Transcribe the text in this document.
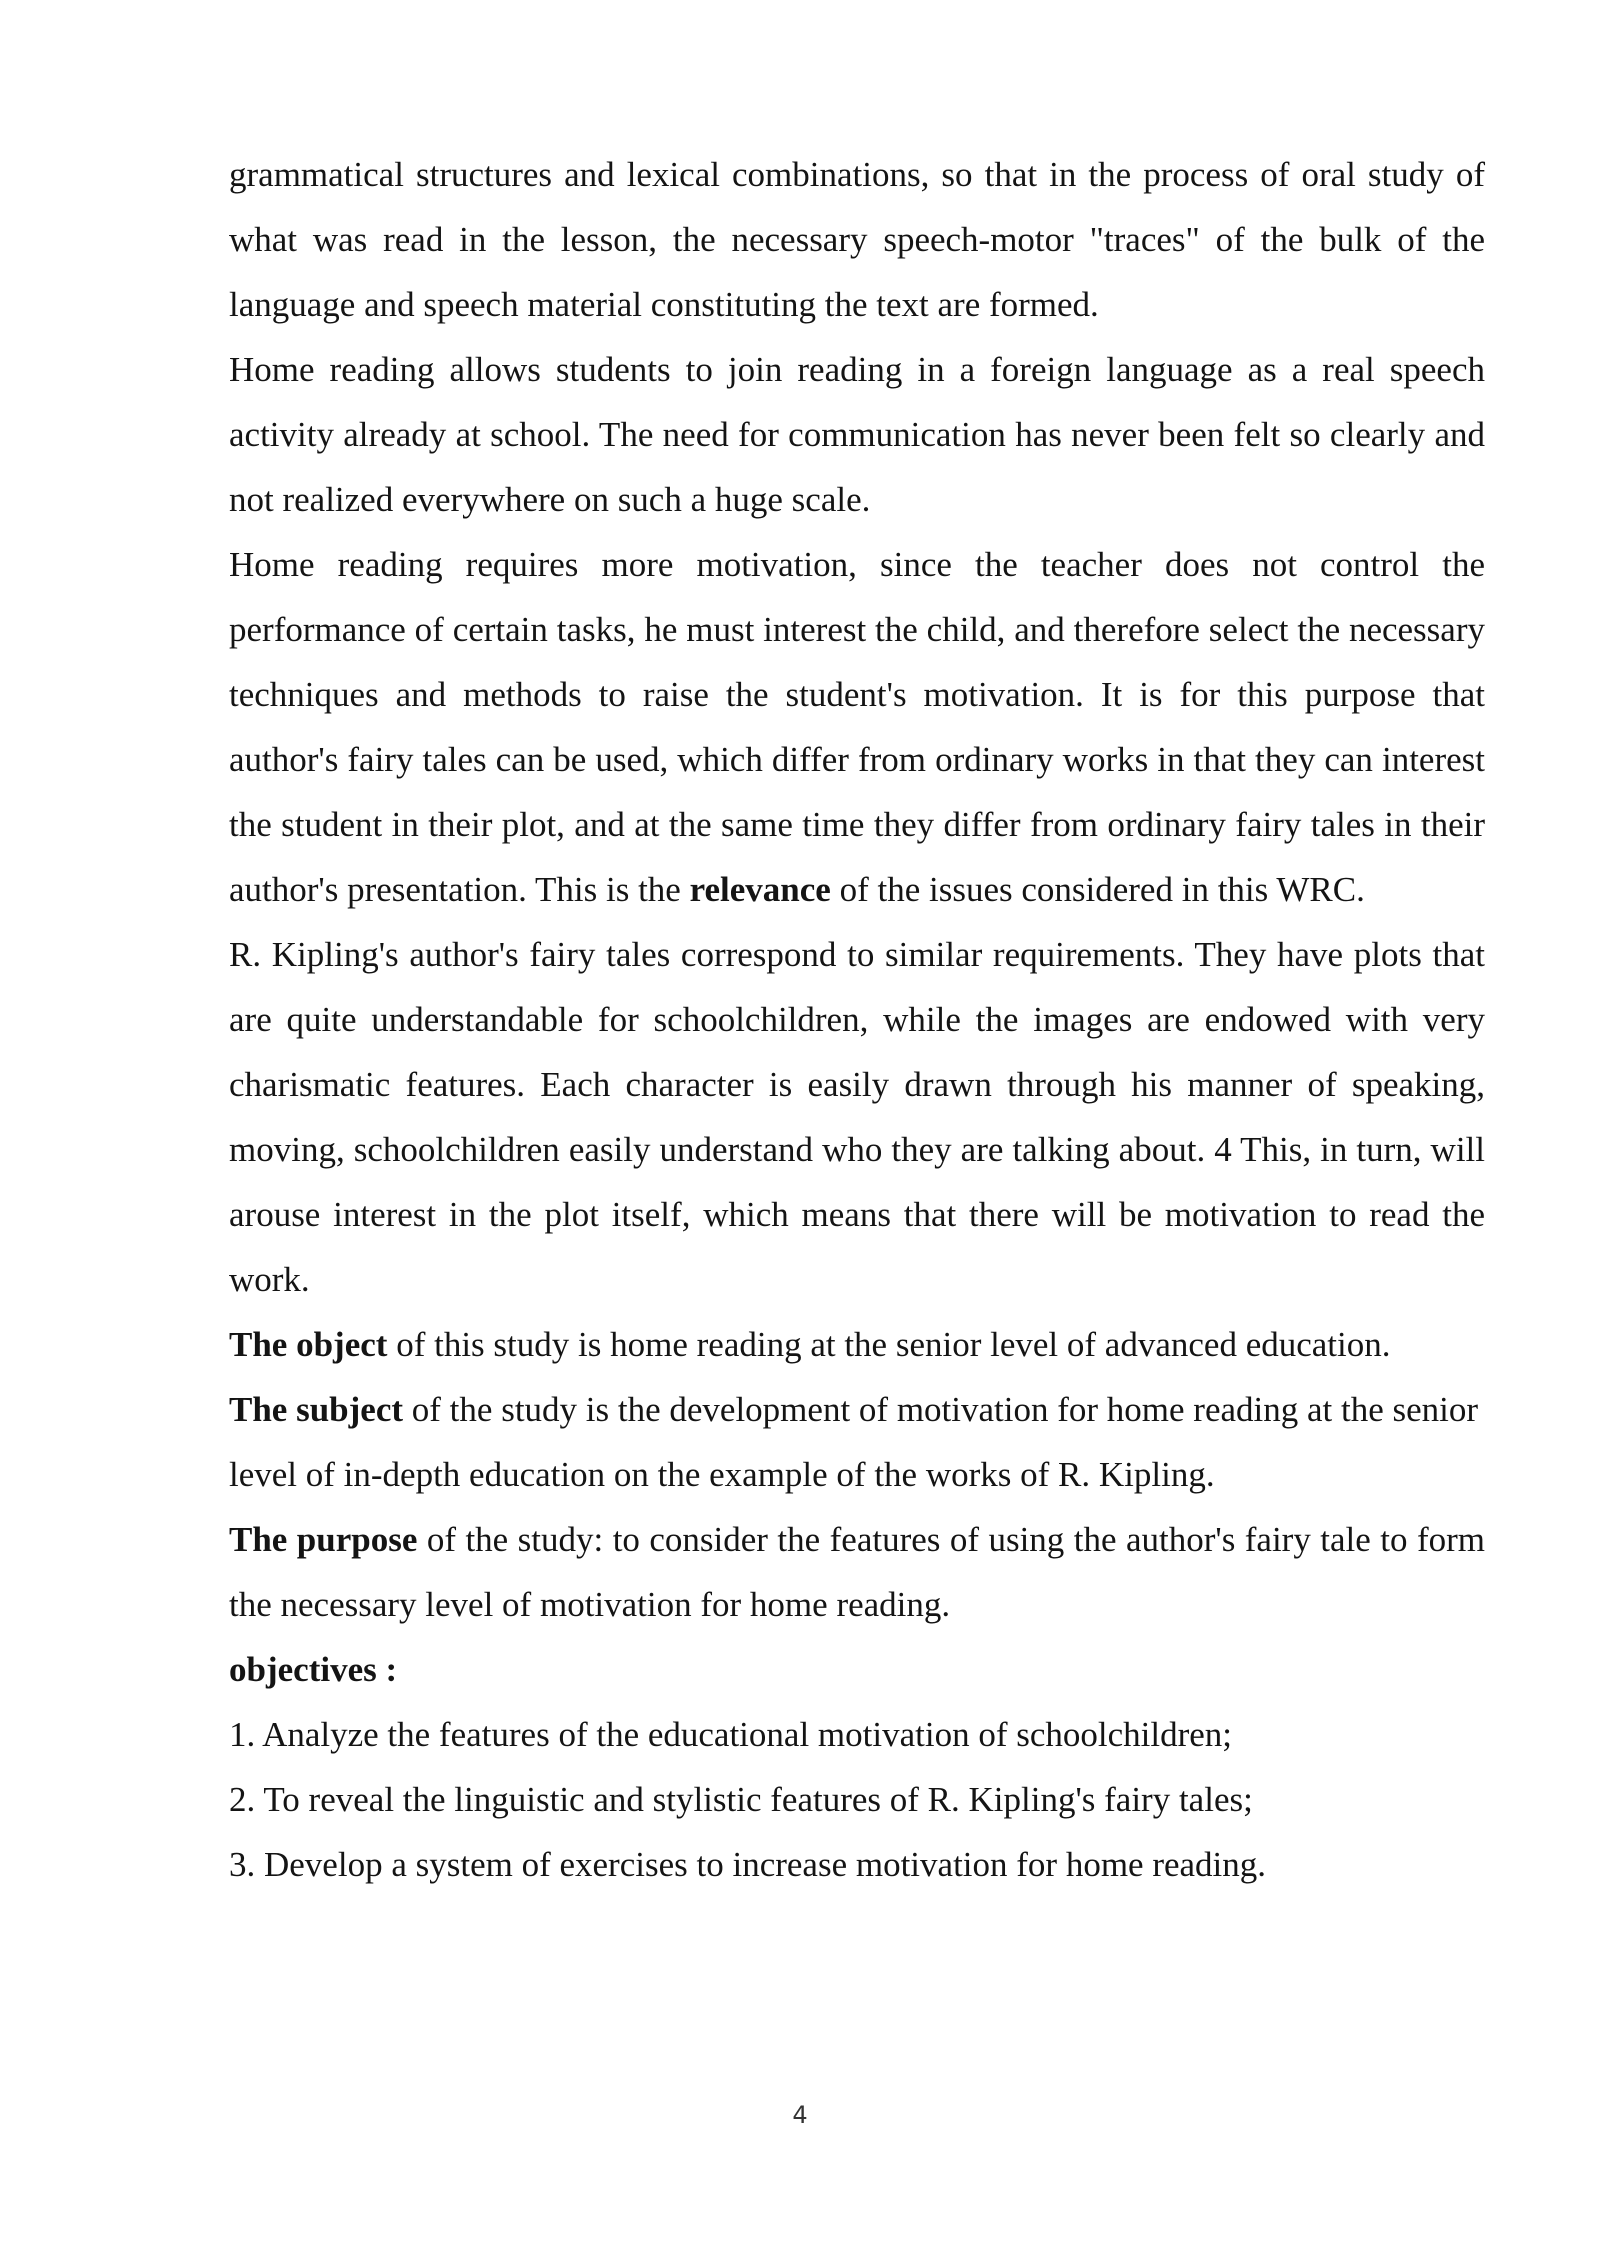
grammatical structures and lexical combinations, so that in the process of oral study of what was read in the lesson, the necessary speech-motor "traces" of the bulk of the language and speech material constituting the text are formed.

Home reading allows students to join reading in a foreign language as a real speech activity already at school. The need for communication has never been felt so clearly and not realized everywhere on such a huge scale.

Home reading requires more motivation, since the teacher does not control the performance of certain tasks, he must interest the child, and therefore select the necessary techniques and methods to raise the student's motivation. It is for this purpose that author's fairy tales can be used, which differ from ordinary works in that they can interest the student in their plot, and at the same time they differ from ordinary fairy tales in their author's presentation. This is the relevance of the issues considered in this WRC.

R. Kipling's author's fairy tales correspond to similar requirements. They have plots that are quite understandable for schoolchildren, while the images are endowed with very charismatic features. Each character is easily drawn through his manner of speaking, moving, schoolchildren easily understand who they are talking about. 4 This, in turn, will arouse interest in the plot itself, which means that there will be motivation to read the work.

The object of this study is home reading at the senior level of advanced education.

The subject of the study is the development of motivation for home reading at the senior level of in-depth education on the example of the works of R. Kipling.

The purpose of the study: to consider the features of using the author's fairy tale to form the necessary level of motivation for home reading.

objectives :

1. Analyze the features of the educational motivation of schoolchildren;

2. To reveal the linguistic and stylistic features of R. Kipling's fairy tales;

3. Develop a system of exercises to increase motivation for home reading.

4
